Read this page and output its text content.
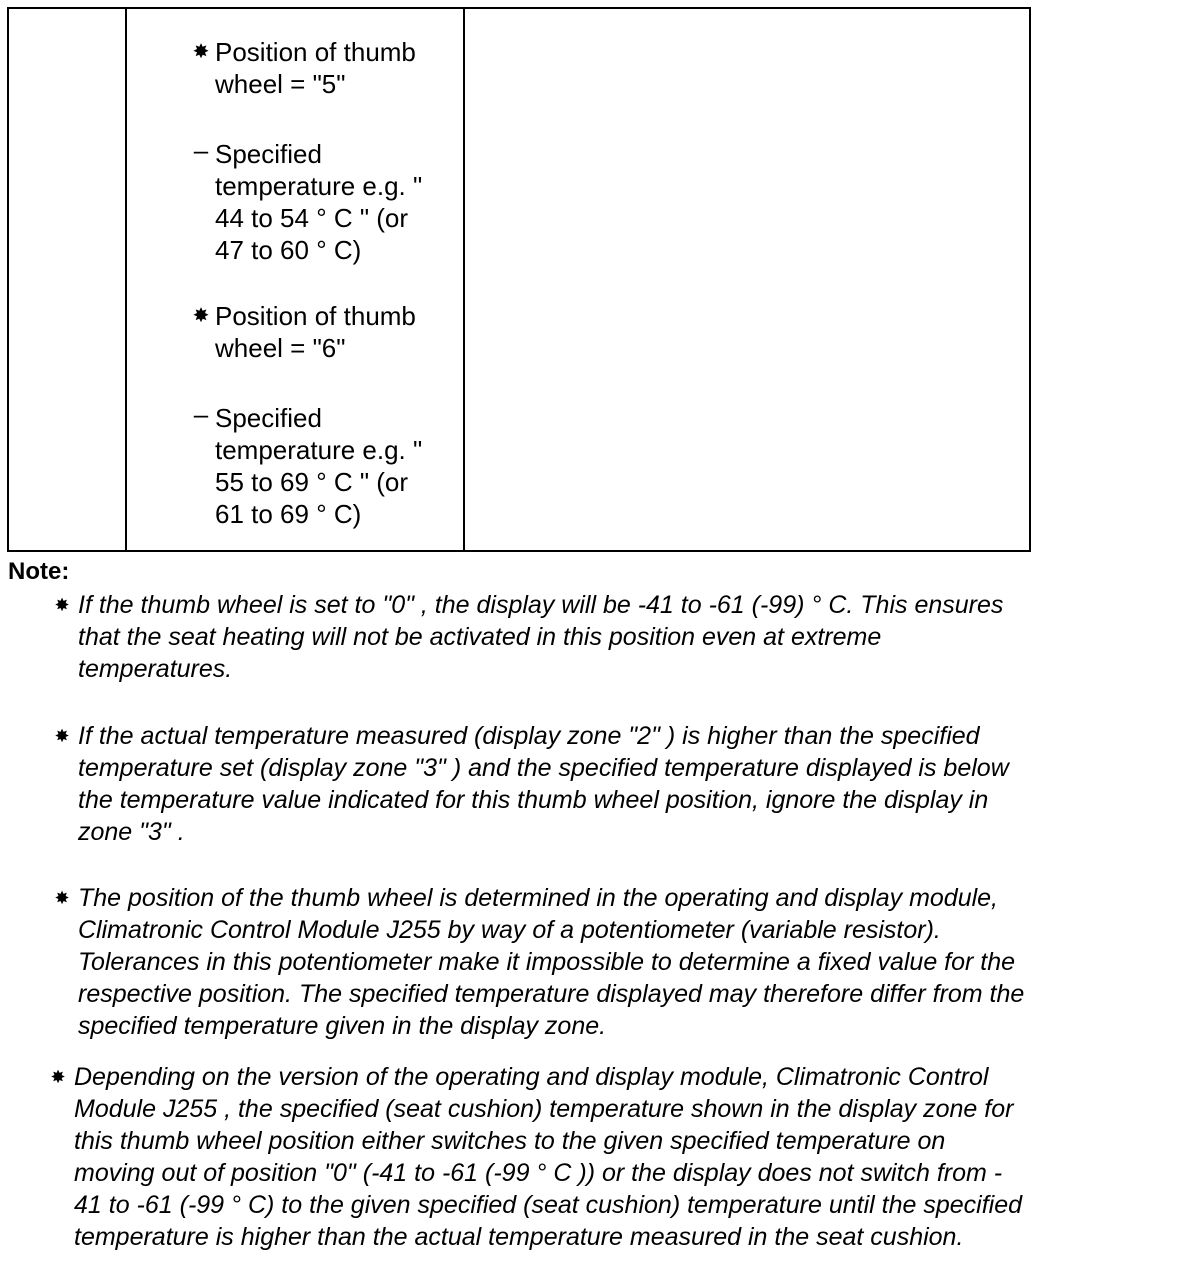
✸ Position of thumb
wheel = "5"
– Specified
temperature e.g. "
44 to 54 ° C " (or
47 to 60 ° C)
✸ Position of thumb
wheel = "6"
– Specified
temperature e.g. "
55 to 69 ° C " (or
61 to 69 ° C)
Note:
✸ If the thumb wheel is set to "0" , the display will be -41 to -61 (-99) ° C. This ensures
that the seat heating will not be activated in this position even at extreme
temperatures.
✸ If the actual temperature measured (display zone "2" ) is higher than the specified
temperature set (display zone "3" ) and the specified temperature displayed is below
the temperature value indicated for this thumb wheel position, ignore the display in
zone "3" .
✸ The position of the thumb wheel is determined in the operating and display module,
Climatronic Control Module J255 by way of a potentiometer (variable resistor).
Tolerances in this potentiometer make it impossible to determine a fixed value for the
respective position. The specified temperature displayed may therefore differ from the
specified temperature given in the display zone.
✸ Depending on the version of the operating and display module, Climatronic Control
Module J255 , the specified (seat cushion) temperature shown in the display zone for
this thumb wheel position either switches to the given specified temperature on
moving out of position "0" (-41 to -61 (-99 ° C )) or the display does not switch from -
41 to -61 (-99 ° C) to the given specified (seat cushion) temperature until the specified
temperature is higher than the actual temperature measured in the seat cushion.
